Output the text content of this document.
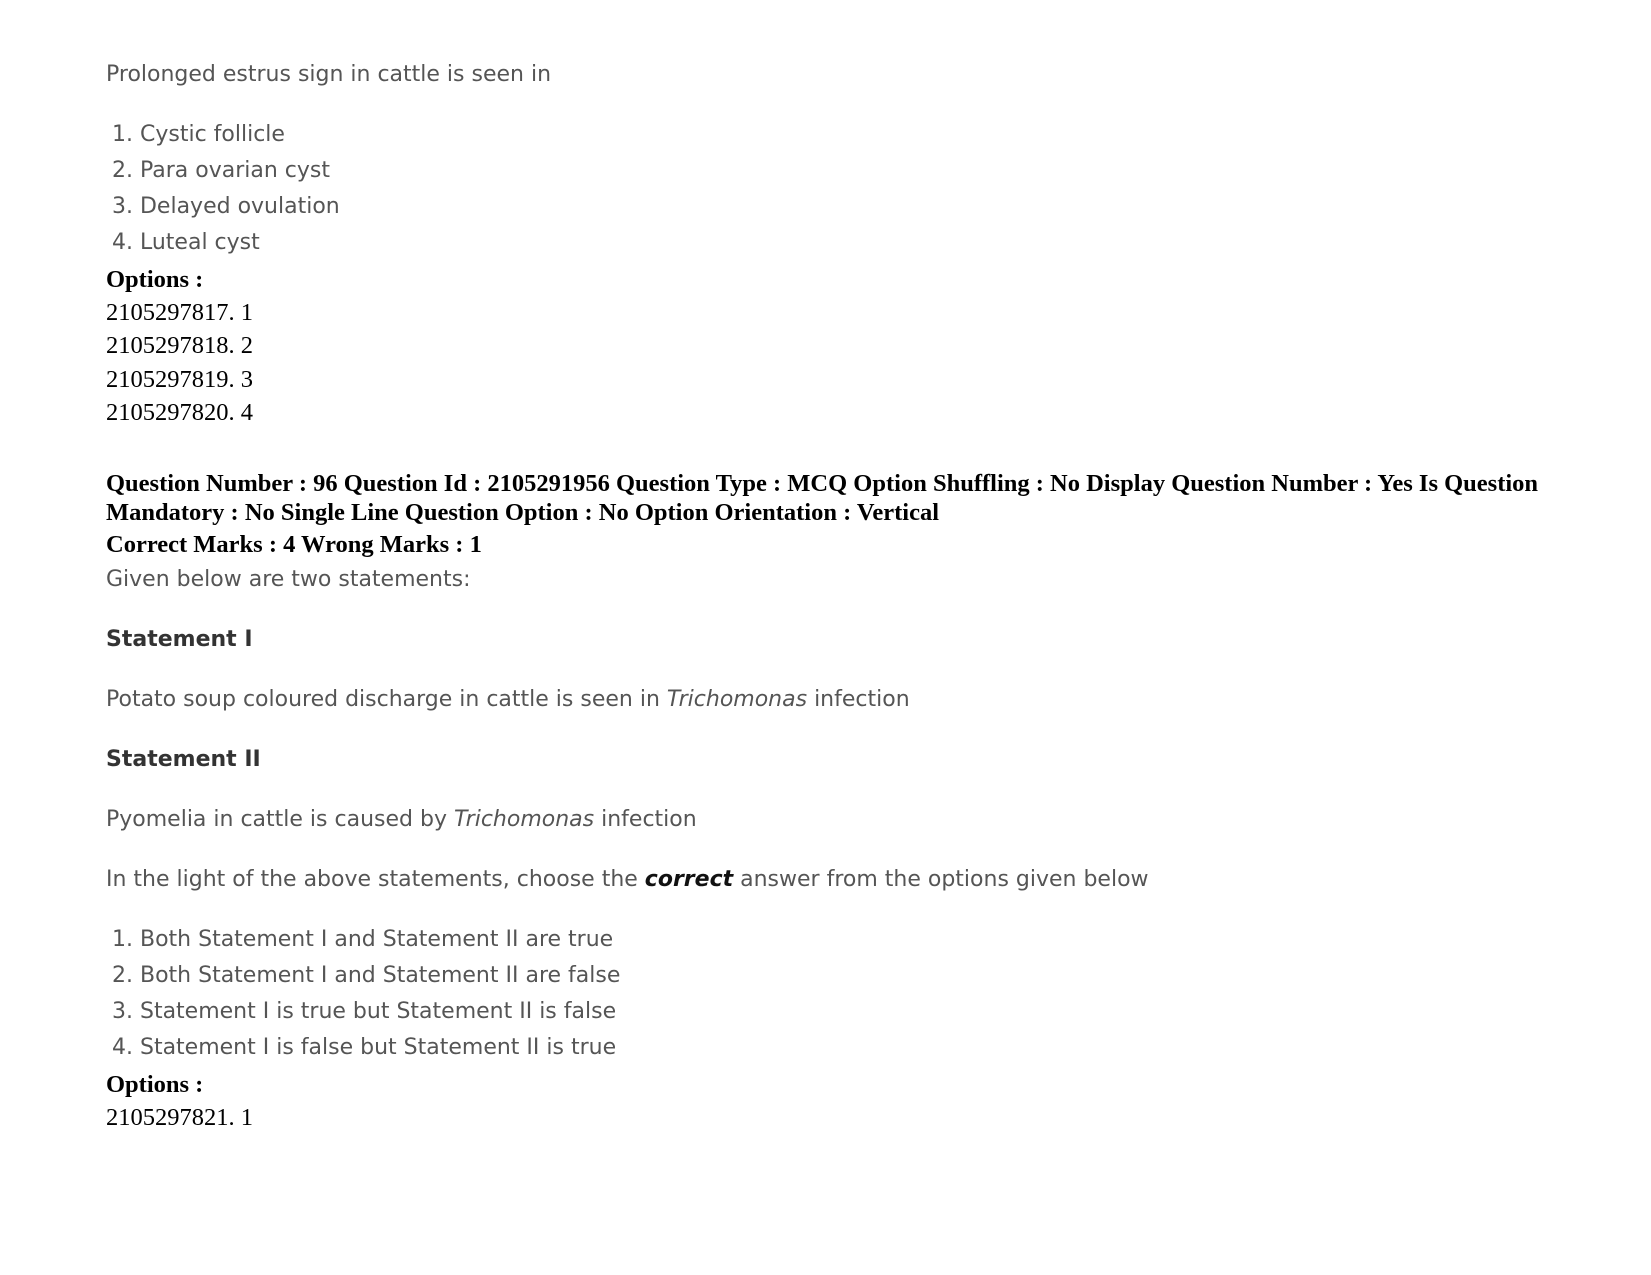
Prolonged estrus sign in cattle is seen in
1. Cystic follicle
2. Para ovarian cyst
3. Delayed ovulation
4. Luteal cyst
Options :
2105297817. 1
2105297818. 2
2105297819. 3
2105297820. 4
Question Number : 96 Question Id : 2105291956 Question Type : MCQ Option Shuffling : No Display Question Number : Yes Is Question Mandatory : No Single Line Question Option : No Option Orientation : Vertical
Correct Marks : 4 Wrong Marks : 1
Given below are two statements:
Statement I
Potato soup coloured discharge in cattle is seen in Trichomonas infection
Statement II
Pyomelia in cattle is caused by Trichomonas infection
In the light of the above statements, choose the correct answer from the options given below
1. Both Statement I and Statement II are true
2. Both Statement I and Statement II are false
3. Statement I is true but Statement II is false
4. Statement I is false but Statement II is true
Options :
2105297821. 1
